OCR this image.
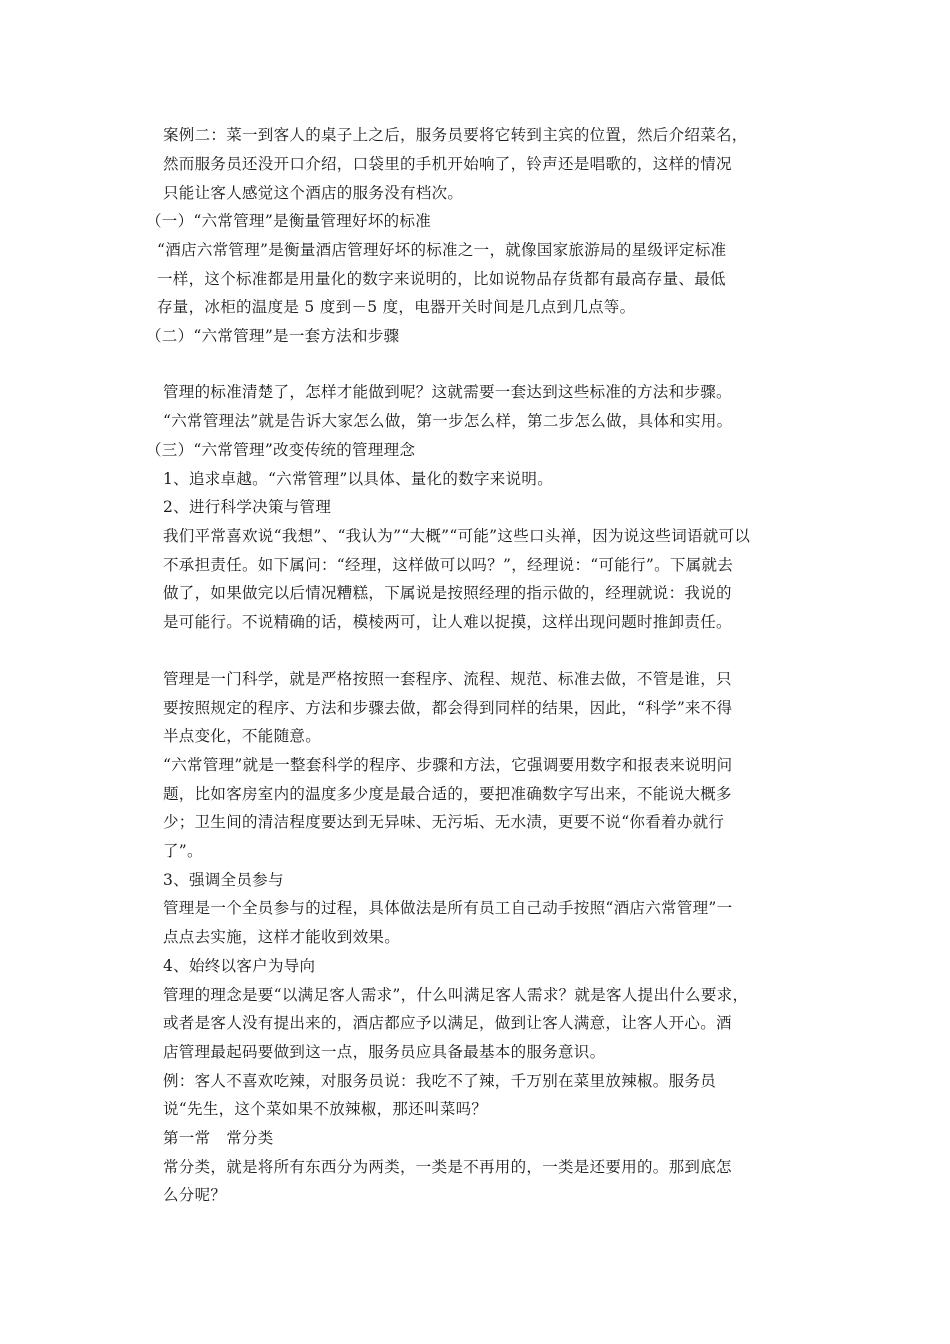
案例二：菜一到客人的桌子上之后，服务员要将它转到主宾的位置，然后介绍菜名，
然而服务员还没开口介绍，口袋里的手机开始响了，铃声还是唱歌的，这样的情况
只能让客人感觉这个酒店的服务没有档次。
（一）“六常管理”是衡量管理好坏的标准
“酒店六常管理”是衡量酒店管理好坏的标准之一，就像国家旅游局的星级评定标准
一样，这个标准都是用量化的数字来说明的，比如说物品存货都有最高存量、最低
存量，冰柜的温度是 5 度到－5 度，电器开关时间是几点到几点等。
（二）“六常管理”是一套方法和步骤
管理的标准清楚了，怎样才能做到呢？这就需要一套达到这些标准的方法和步骤。
“六常管理法”就是告诉大家怎么做，第一步怎么样，第二步怎么做，具体和实用。
（三）“六常管理”改变传统的管理理念
1、追求卓越。“六常管理”以具体、量化的数字来说明。
2、进行科学决策与管理
我们平常喜欢说“我想”、“我认为”“大概”“可能”这些口头禅，因为说这些词语就可以
不承担责任。如下属问：“经理，这样做可以吗？”，经理说：“可能行”。下属就去
做了，如果做完以后情况糟糕，下属说是按照经理的指示做的，经理就说：我说的
是可能行。不说精确的话，模棱两可，让人难以捉摸，这样出现问题时推卸责任。
管理是一门科学，就是严格按照一套程序、流程、规范、标准去做，不管是谁，只
要按照规定的程序、方法和步骤去做，都会得到同样的结果，因此，“科学”来不得
半点变化，不能随意。
“六常管理”就是一整套科学的程序、步骤和方法，它强调要用数字和报表来说明问
题，比如客房室内的温度多少度是最合适的，要把准确数字写出来，不能说大概多
少；卫生间的清洁程度要达到无异味、无污垢、无水渍，更要不说“你看着办就行
了”。
3、强调全员参与
管理是一个全员参与的过程，具体做法是所有员工自己动手按照“酒店六常管理”一
点点去实施，这样才能收到效果。
4、始终以客户为导向
管理的理念是要“以满足客人需求”，什么叫满足客人需求？就是客人提出什么要求，
或者是客人没有提出来的，酒店都应予以满足，做到让客人满意，让客人开心。酒
店管理最起码要做到这一点，服务员应具备最基本的服务意识。
例：客人不喜欢吃辣，对服务员说：我吃不了辣，千万别在菜里放辣椒。服务员
说“先生，这个菜如果不放辣椒，那还叫菜吗？
第一常　常分类
常分类，就是将所有东西分为两类，一类是不再用的，一类是还要用的。那到底怎
么分呢？
